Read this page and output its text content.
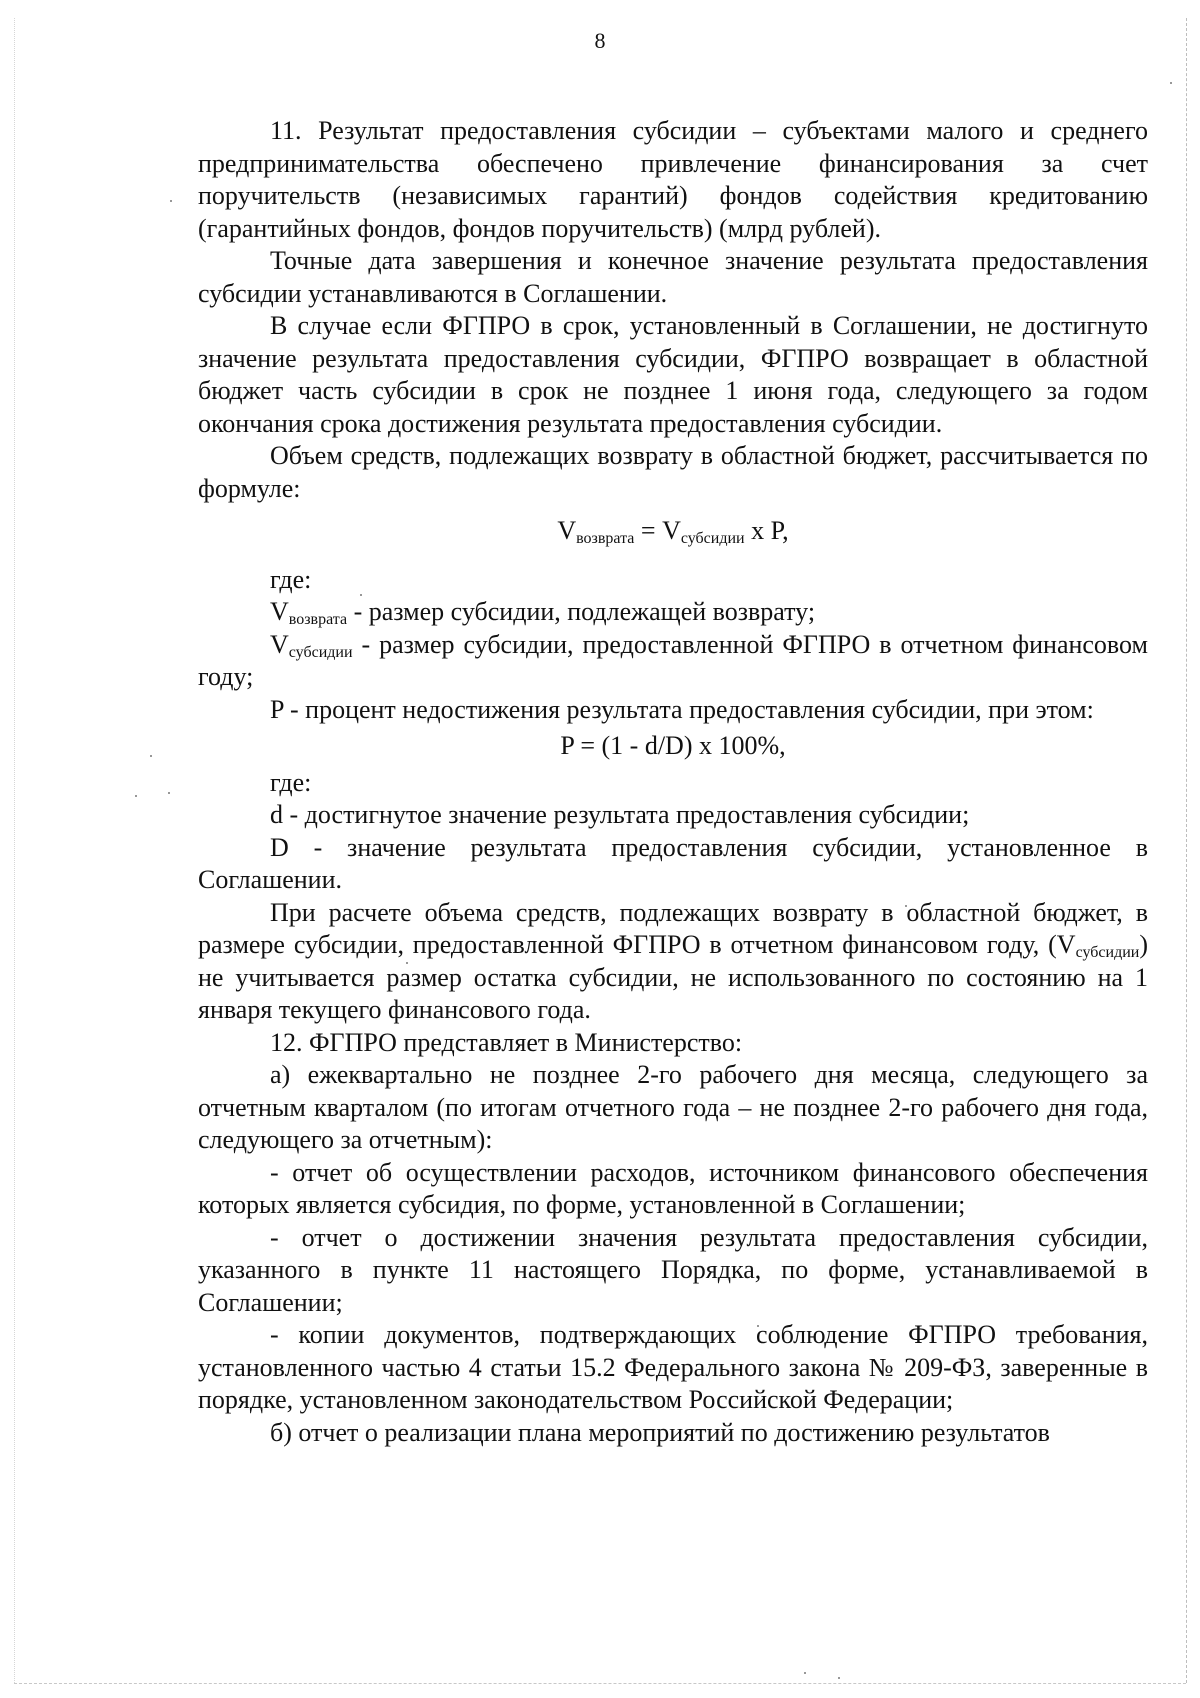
8

11. Результат предоставления субсидии – субъектами малого и среднего предпринимательства обеспечено привлечение финансирования за счет поручительств (независимых гарантий) фондов содействия кредитованию (гарантийных фондов, фондов поручительств) (млрд рублей).

Точные дата завершения и конечное значение результата предоставления субсидии устанавливаются в Соглашении.

В случае если ФГПРО в срок, установленный в Соглашении, не достигнуто значение результата предоставления субсидии, ФГПРО возвращает в областной бюджет часть субсидии в срок не позднее 1 июня года, следующего за годом окончания срока достижения результата предоставления субсидии.

Объем средств, подлежащих возврату в областной бюджет, рассчитывается по формуле:

$V_{возврата} = V_{субсидии}$ x P,

где:

$V_{возврата}$ - размер субсидии, подлежащей возврату;

$V_{субсидии}$ - размер субсидии, предоставленной ФГПРО в отчетном финансовом году;

P - процент недостижения результата предоставления субсидии, при этом:

P = (1 - d/D) x 100%,

где:

d - достигнутое значение результата предоставления субсидии;

D - значение результата предоставления субсидии, установленное в Соглашении.

При расчете объема средств, подлежащих возврату в областной бюджет, в размере субсидии, предоставленной ФГПРО в отчетном финансовом году, $(V_{субсидии})$ не учитывается размер остатка субсидии, не использованного по состоянию на 1 января текущего финансового года.

12. ФГПРО представляет в Министерство:

а) ежеквартально не позднее 2-го рабочего дня месяца, следующего за отчетным кварталом (по итогам отчетного года – не позднее 2-го рабочего дня года, следующего за отчетным):

- отчет об осуществлении расходов, источником финансового обеспечения которых является субсидия, по форме, установленной в Соглашении;

- отчет о достижении значения результата предоставления субсидии, указанного в пункте 11 настоящего Порядка, по форме, устанавливаемой в Соглашении;

- копии документов, подтверждающих соблюдение ФГПРО требования, установленного частью 4 статьи 15.2 Федерального закона № 209-ФЗ, заверенные в порядке, установленном законодательством Российской Федерации;

б) отчет о реализации плана мероприятий по достижению результатов
